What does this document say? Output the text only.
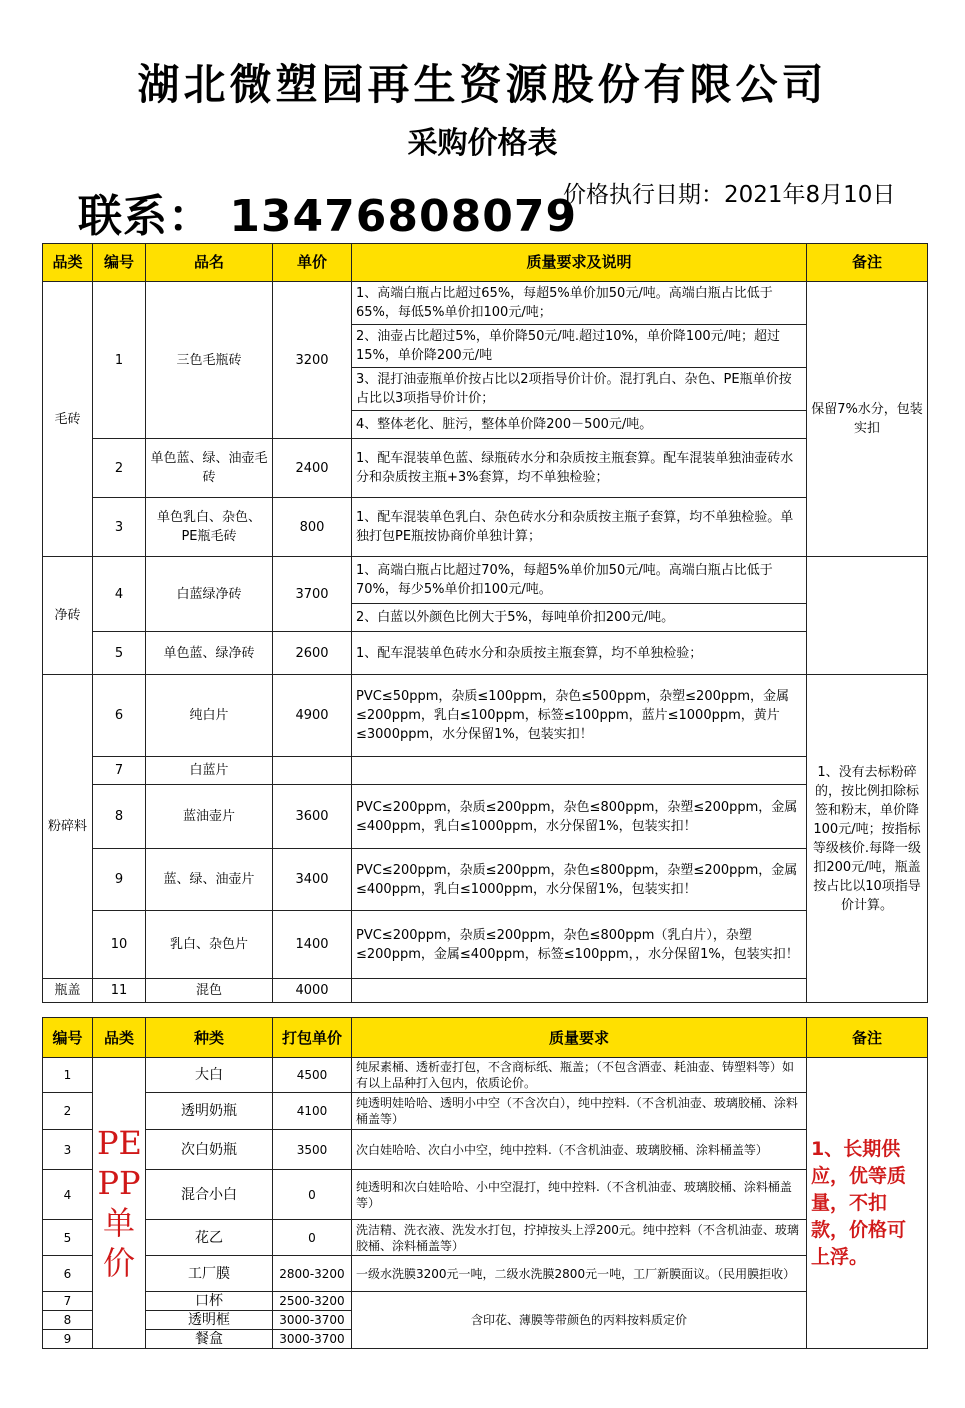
湖北微塑园再生资源股份有限公司
采购价格表
联系： 13476808079
价格执行日期：2021年8月10日
品类	编号	品名	单价	质量要求及说明	备注
毛砖	1	三色毛瓶砖	3200	1、高端白瓶占比超过65%，每超5%单价加50元/吨。高端白瓶占比低于65%，每低5%单价扣100元/吨；	保留7%水分，包装实扣
				2、油壶占比超过5%，单价降50元/吨.超过10%，单价降100元/吨；超过15%，单价降200元/吨	
				3、混打油壶瓶单价按占比以2项指导价计价。混打乳白、杂色、PE瓶单价按占比以3项指导价计价；	
				4、整体老化、脏污，整体单价降200－500元/吨。	
	2	单色蓝、绿、油壶毛砖	2400	1、配车混装单色蓝、绿瓶砖水分和杂质按主瓶套算。配车混装单独油壶砖水分和杂质按主瓶+3%套算，均不单独检验；	
	3	单色乳白、杂色、PE瓶毛砖	800	1、配车混装单色乳白、杂色砖水分和杂质按主瓶子套算，均不单独检验。单独打包PE瓶按协商价单独计算；	
净砖	4	白蓝绿净砖	3700	1、高端白瓶占比超过70%，每超5%单价加50元/吨。高端白瓶占比低于70%，每少5%单价扣100元/吨。	
				2、白蓝以外颜色比例大于5%，每吨单价扣200元/吨。	
	5	单色蓝、绿净砖	2600	1、配车混装单色砖水分和杂质按主瓶套算，均不单独检验；	
粉碎料	6	纯白片	4900	PVC≤50ppm，杂质≤100ppm，杂色≤500ppm，杂塑≤200ppm，金属≤200ppm，乳白≤100ppm，标签≤100ppm，蓝片≤1000ppm，黄片≤3000ppm，水分保留1%，包装实扣！	1、没有去标粉碎的，按比例扣除标签和粉末，单价降100元/吨；按指标等级核价.每降一级扣200元/吨，瓶盖按占比以10项指导价计算。
	7	白蓝片			
	8	蓝油壶片	3600	PVC≤200ppm，杂质≤200ppm，杂色≤800ppm，杂塑≤200ppm，金属≤400ppm，乳白≤1000ppm，水分保留1%，包装实扣！	
	9	蓝、绿、油壶片	3400	PVC≤200ppm，杂质≤200ppm，杂色≤800ppm，杂塑≤200ppm，金属≤400ppm，乳白≤1000ppm，水分保留1%，包装实扣！	
	10	乳白、杂色片	1400	PVC≤200ppm，杂质≤200ppm，杂色≤800ppm（乳白片），杂塑≤200ppm，金属≤400ppm，标签≤100ppm，，水分保留1%，包装实扣！	
瓶盖	11	混色	4000		
编号	品类	种类	打包单价	质量要求	备注
1	PE PP 单价	大白	4500	纯尿素桶、透析壶打包，不含商标纸、瓶盖；（不包含酒壶、耗油壶、铸塑料等）如有以上品种打入包内，依质论价。	1、长期供应，优等质量，不扣款，价格可上浮。
2		透明奶瓶	4100	纯透明娃哈哈、透明小中空（不含次白），纯中控料.（不含机油壶、玻璃胶桶、涂料桶盖等）	
3		次白奶瓶	3500	次白娃哈哈、次白小中空，纯中控料.（不含机油壶、玻璃胶桶、涂料桶盖等）	
4		混合小白	0	纯透明和次白娃哈哈、小中空混打，纯中控料.（不含机油壶、玻璃胶桶、涂料桶盖等）	
5		花乙	0	洗洁精、洗衣液、洗发水打包，拧掉按头上浮200元。纯中控料（不含机油壶、玻璃胶桶、涂料桶盖等）	
6		工厂膜	2800-3200	一级水洗膜3200元一吨，二级水洗膜2800元一吨，工厂新膜面议。（民用膜拒收）	
7		口杯	2500-3200	含印花、薄膜等带颜色的丙料按料质定价	
8		透明框	3000-3700		
9		餐盒	3000-3700		
